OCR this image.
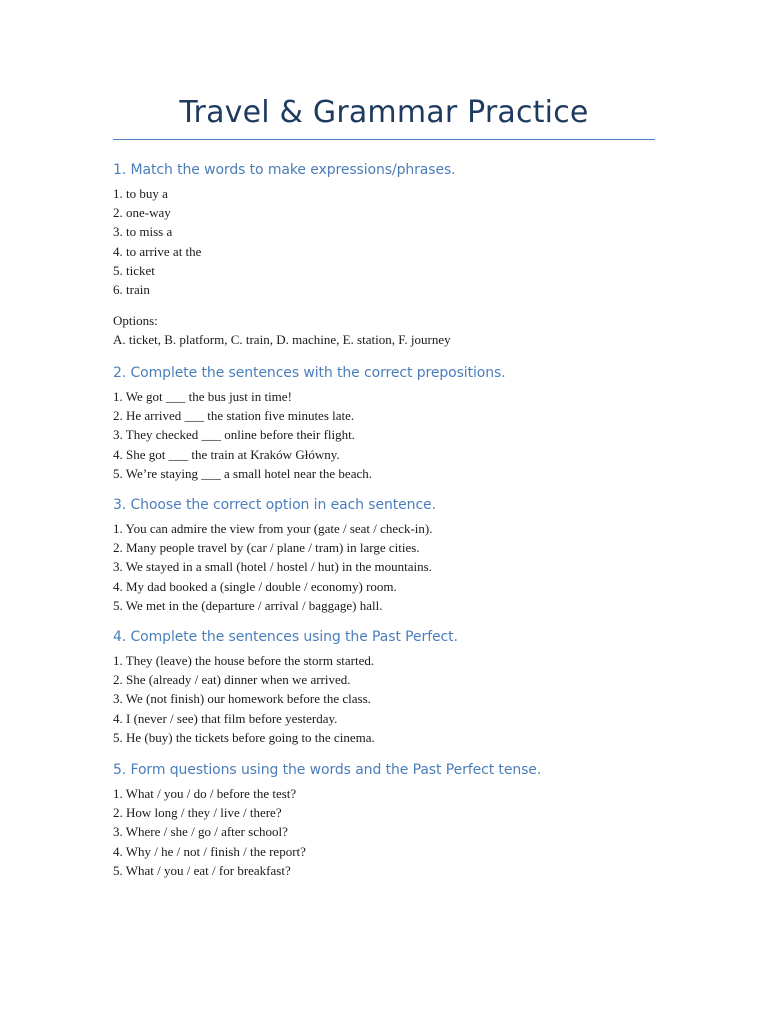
Travel & Grammar Practice
1. Match the words to make expressions/phrases.
1. to buy a
2. one-way
3. to miss a
4. to arrive at the
5. ticket
6. train
Options:
A. ticket, B. platform, C. train, D. machine, E. station, F. journey
2. Complete the sentences with the correct prepositions.
1. We got ___ the bus just in time!
2. He arrived ___ the station five minutes late.
3. They checked ___ online before their flight.
4. She got ___ the train at Kraków Główny.
5. We’re staying ___ a small hotel near the beach.
3. Choose the correct option in each sentence.
1. You can admire the view from your (gate / seat / check-in).
2. Many people travel by (car / plane / tram) in large cities.
3. We stayed in a small (hotel / hostel / hut) in the mountains.
4. My dad booked a (single / double / economy) room.
5. We met in the (departure / arrival / baggage) hall.
4. Complete the sentences using the Past Perfect.
1. They (leave) the house before the storm started.
2. She (already / eat) dinner when we arrived.
3. We (not finish) our homework before the class.
4. I (never / see) that film before yesterday.
5. He (buy) the tickets before going to the cinema.
5. Form questions using the words and the Past Perfect tense.
1. What / you / do / before the test?
2. How long / they / live / there?
3. Where / she / go / after school?
4. Why / he / not / finish / the report?
5. What / you / eat / for breakfast?
